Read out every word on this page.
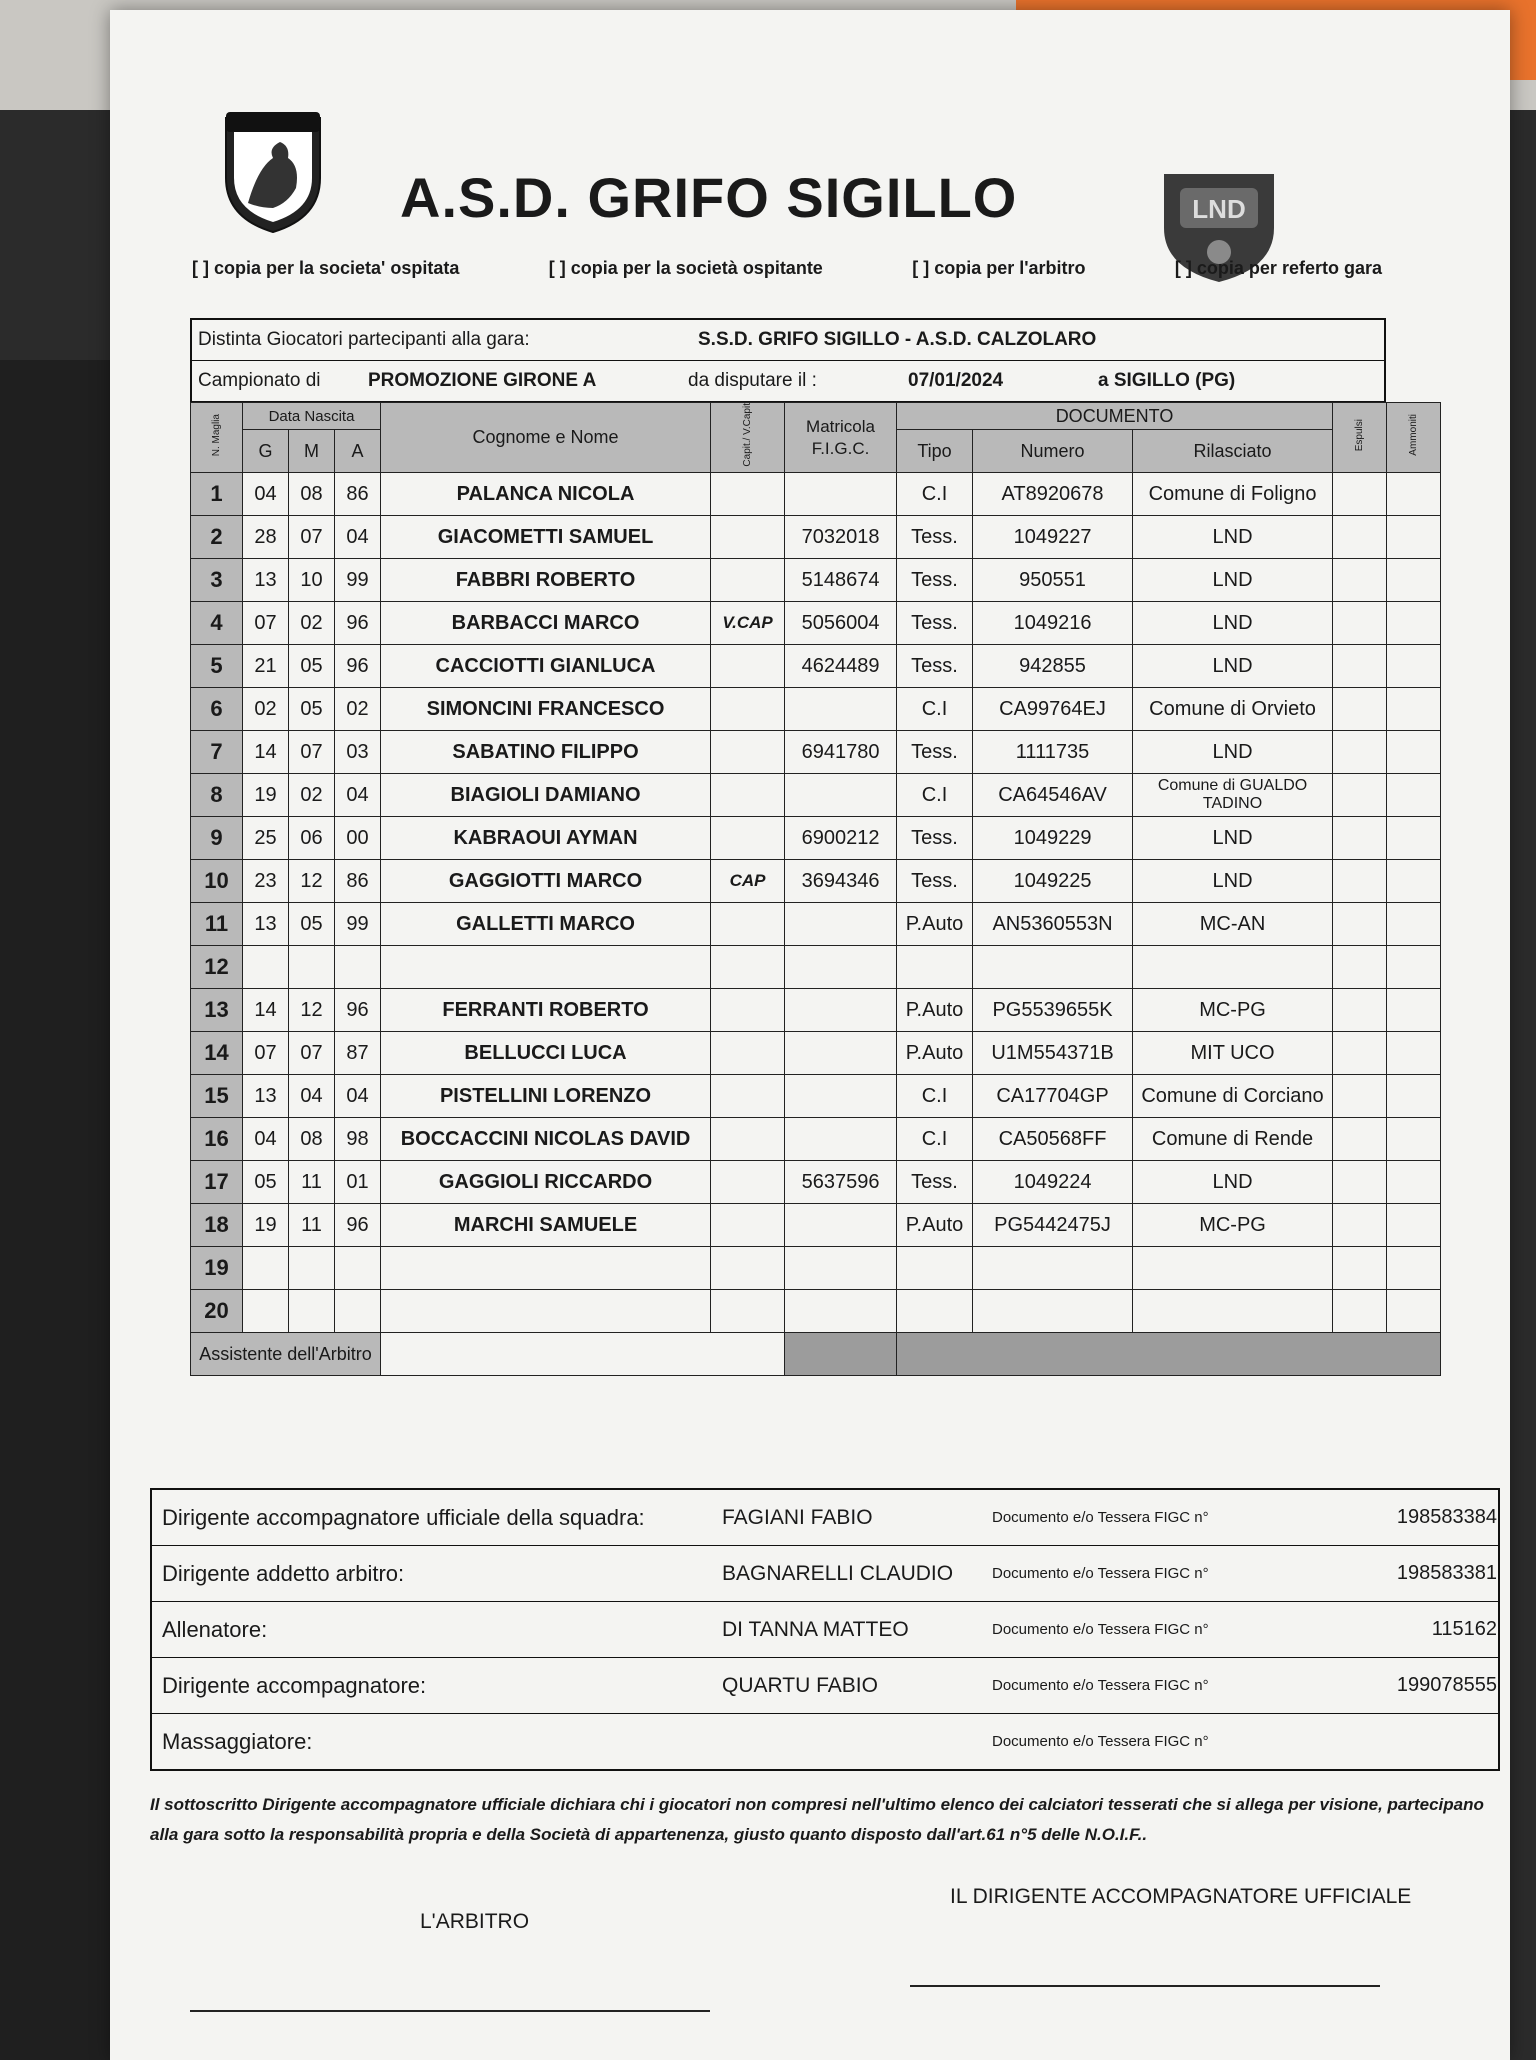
A.S.D. GRIFO SIGILLO	LND
[ ] copia per la societa' ospitata	[ ] copia per la società ospitante	[ ] copia per l'arbitro	[ ] copia per referto gara
Distinta Giocatori partecipanti alla gara:	S.S.D. GRIFO SIGILLO - A.S.D. CALZOLARO
Campionato di	PROMOZIONE GIRONE A	da disputare il :	07/01/2024	a SIGILLO (PG)
N. Maglia	Data Nascita			Cognome e Nome	Capit./ V.Capit	Matricola F.I.G.C.	DOCUMENTO			Espulsi	Ammoniti
	G	M	A				Tipo	Numero	Rilasciato		
1	04	08	86	PALANCA NICOLA			C.I	AT8920678	Comune di Foligno		
2	28	07	04	GIACOMETTI SAMUEL		7032018	Tess.	1049227	LND		
3	13	10	99	FABBRI ROBERTO		5148674	Tess.	950551	LND		
4	07	02	96	BARBACCI MARCO	V.CAP	5056004	Tess.	1049216	LND		
5	21	05	96	CACCIOTTI GIANLUCA		4624489	Tess.	942855	LND		
6	02	05	02	SIMONCINI FRANCESCO			C.I	CA99764EJ	Comune di Orvieto		
7	14	07	03	SABATINO FILIPPO		6941780	Tess.	1111735	LND		
8	19	02	04	BIAGIOLI DAMIANO			C.I	CA64546AV	Comune di GUALDO TADINO		
9	25	06	00	KABRAOUI AYMAN		6900212	Tess.	1049229	LND		
10	23	12	86	GAGGIOTTI MARCO	CAP	3694346	Tess.	1049225	LND		
11	13	05	99	GALLETTI MARCO			P.Auto	AN5360553N	MC-AN		
12											
13	14	12	96	FERRANTI ROBERTO			P.Auto	PG5539655K	MC-PG		
14	07	07	87	BELLUCCI LUCA			P.Auto	U1M554371B	MIT UCO		
15	13	04	04	PISTELLINI LORENZO			C.I	CA17704GP	Comune di Corciano		
16	04	08	98	BOCCACCINI NICOLAS DAVID			C.I	CA50568FF	Comune di Rende		
17	05	11	01	GAGGIOLI RICCARDO		5637596	Tess.	1049224	LND		
18	19	11	96	MARCHI SAMUELE			P.Auto	PG5442475J	MC-PG		
19											
20											
Assistente dell'Arbitro											
Dirigente accompagnatore ufficiale della squadra:	FAGIANI FABIO	Documento e/o Tessera FIGC n°	198583384
Dirigente addetto arbitro:	BAGNARELLI CLAUDIO	Documento e/o Tessera FIGC n°	198583381
Allenatore:	DI TANNA MATTEO	Documento e/o Tessera FIGC n°	115162
Dirigente accompagnatore:	QUARTU FABIO	Documento e/o Tessera FIGC n°	199078555
Massaggiatore:	Documento e/o Tessera FIGC n°
Il sottoscritto Dirigente accompagnatore ufficiale dichiara chi i giocatori non compresi nell'ultimo elenco dei calciatori tesserati che si allega per visione, partecipano alla gara sotto la responsabilità propria e della Società di appartenenza, giusto quanto disposto dall'art.61 n°5 delle N.O.I.F..
L'ARBITRO
IL DIRIGENTE ACCOMPAGNATORE UFFICIALE
